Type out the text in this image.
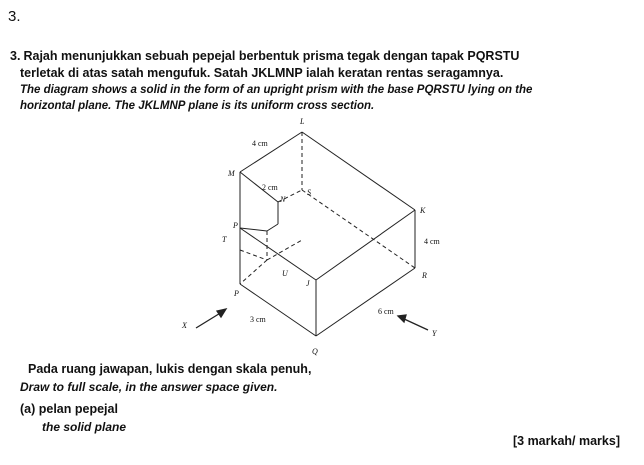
3.
3. Rajah menunjukkan sebuah pepejal berbentuk prisma tegak dengan tapak PQRSTU
terletak di atas satah mengufuk. Satah JKLMNP ialah keratan rentas seragamnya.
The diagram shows a solid in the form of an upright prism with the base PQRSTU lying on the
horizontal plane. The JKLMNP plane is its uniform cross section.
L
M
N
S
K
P
T
U
J
R
P
X
Y
Q
4 cm
2 cm
4 cm
6 cm
3 cm
Pada ruang jawapan, lukis dengan skala penuh,
Draw to full scale, in the answer space given.
(a) pelan pepejal
the solid plane
[3 markah/ marks]
